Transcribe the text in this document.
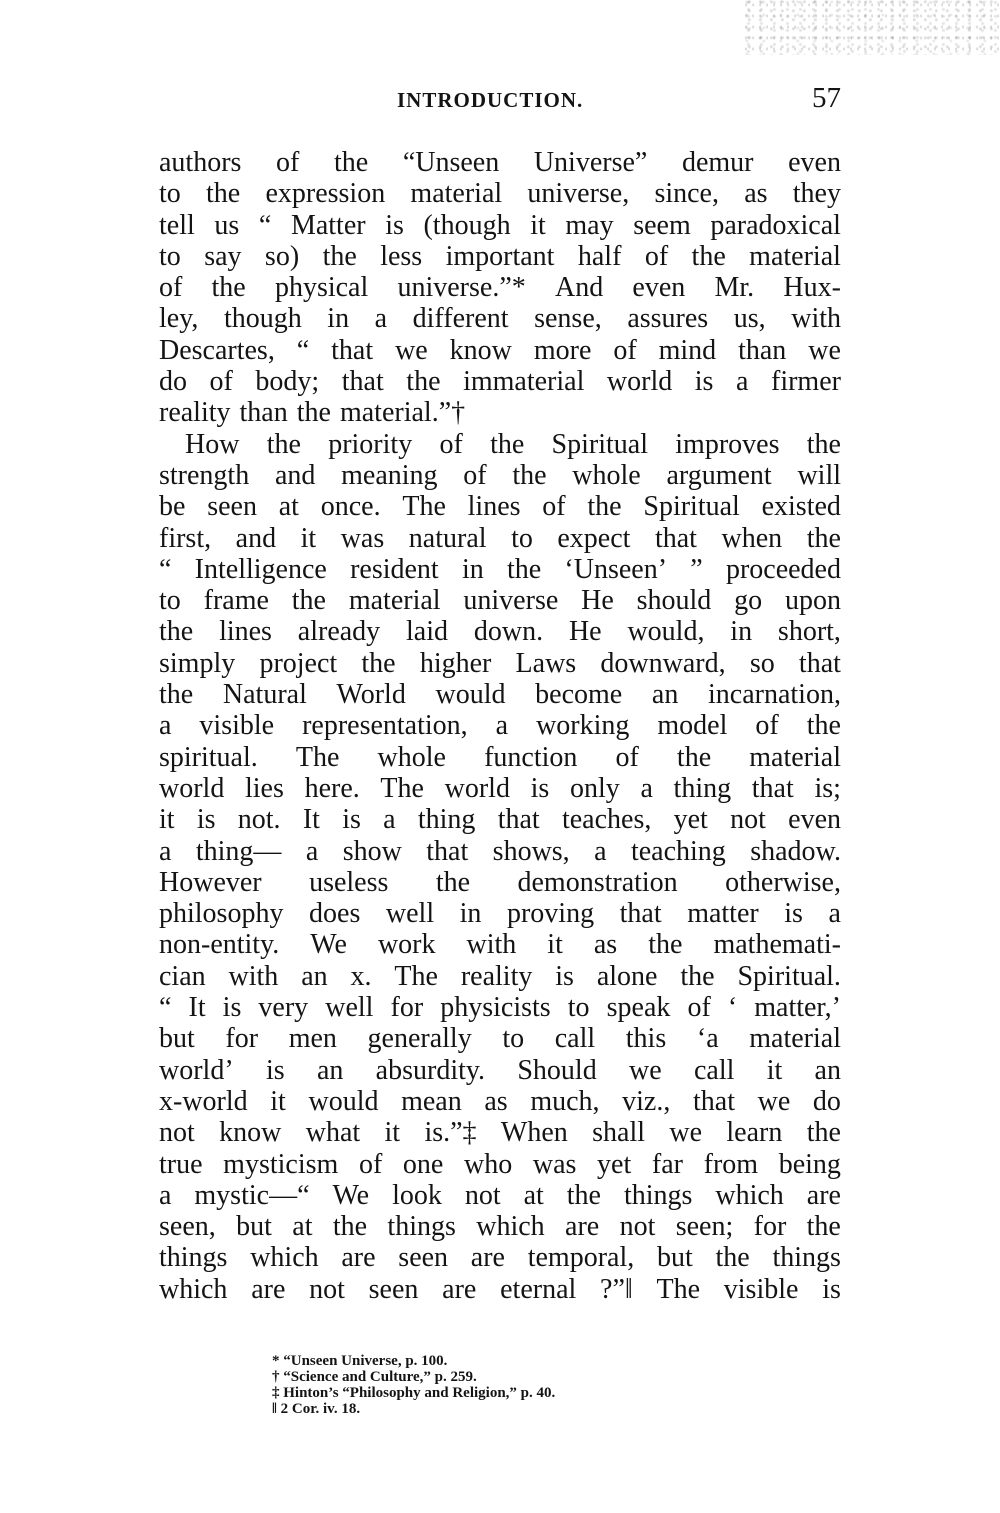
INTRODUCTION.	57
authors of the “Unseen Universe” demur even
to the expression material universe, since, as they
tell us “ Matter is (though it may seem paradoxical
to say so) the less important half of the material
of the physical universe.”* And even Mr. Hux-
ley, though in a different sense, assures us, with
Descartes, “ that we know more of mind than we
do of body; that the immaterial world is a firmer
reality than the material.”†
How the priority of the Spiritual improves the
strength and meaning of the whole argument will
be seen at once. The lines of the Spiritual existed
first, and it was natural to expect that when the
“ Intelligence resident in the ‘Unseen’ ” proceeded
to frame the material universe He should go upon
the lines already laid down. He would, in short,
simply project the higher Laws downward, so that
the Natural World would become an incarnation,
a visible representation, a working model of the
spiritual. The whole function of the material
world lies here. The world is only a thing that is;
it is not. It is a thing that teaches, yet not even
a thing— a show that shows, a teaching shadow.
However useless the demonstration otherwise,
philosophy does well in proving that matter is a
non-entity. We work with it as the mathemati-
cian with an x. The reality is alone the Spiritual.
“ It is very well for physicists to speak of ‘ matter,’
but for men generally to call this ‘a material
world’ is an absurdity. Should we call it an
x-world it would mean as much, viz., that we do
not know what it is.”‡ When shall we learn the
true mysticism of one who was yet far from being
a mystic—“ We look not at the things which are
seen, but at the things which are not seen; for the
things which are seen are temporal, but the things
which are not seen are eternal ?”‖ The visible is
* “Unseen Universe, p. 100.
† “Science and Culture,” p. 259.
‡ Hinton’s “Philosophy and Religion,” p. 40.
‖ 2 Cor. iv. 18.
